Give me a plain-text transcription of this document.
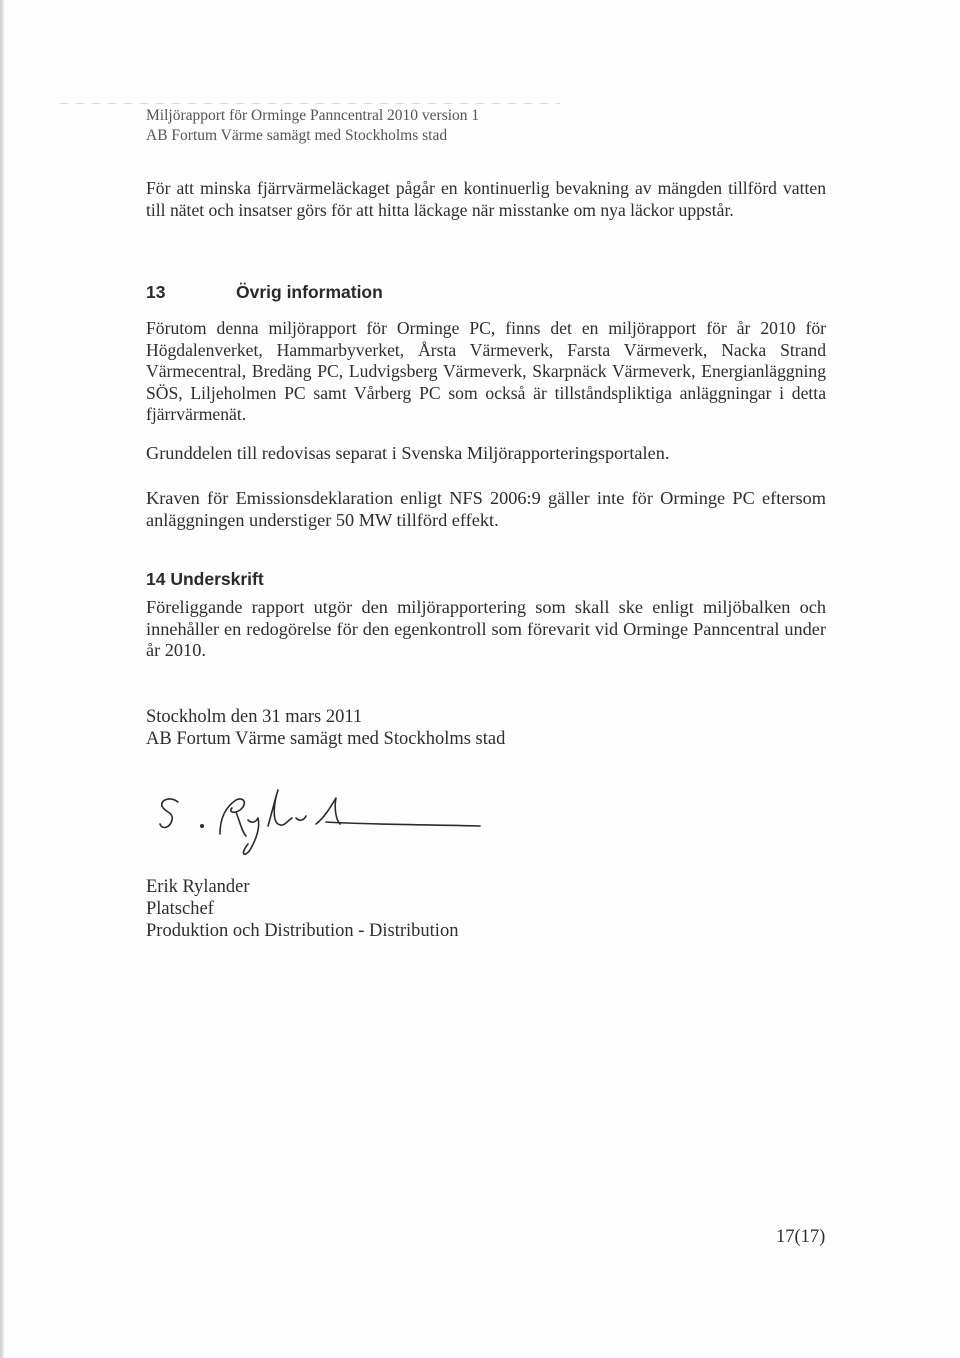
Miljörapport för Orminge Panncentral 2010 version 1
AB Fortum Värme samägt med Stockholms stad
För att minska fjärrvärmeläckaget pågår en kontinuerlig bevakning av mängden tillförd vatten till nätet och insatser görs för att hitta läckage när misstanke om nya läckor uppstår.
13	Övrig information
Förutom denna miljörapport för Orminge PC, finns det en miljörapport för år 2010 för Högdalenverket, Hammarbyverket, Årsta Värmeverk, Farsta Värmeverk, Nacka Strand Värmecentral, Bredäng PC, Ludvigsberg Värmeverk, Skarpnäck Värmeverk, Energianläggning SÖS, Liljeholmen PC samt Vårberg PC som också är tillståndspliktiga anläggningar i detta fjärrvärmenät.
Grunddelen till redovisas separat i Svenska Miljörapporteringsportalen.
Kraven för Emissionsdeklaration enligt NFS 2006:9 gäller inte för Orminge PC eftersom anläggningen understiger 50 MW tillförd effekt.
14 Underskrift
Föreliggande rapport utgör den miljörapportering som skall ske enligt miljöbalken och innehåller en redogörelse för den egenkontroll som förevarit vid Orminge Panncentral under år 2010.
Stockholm den 31 mars 2011
AB Fortum Värme samägt med Stockholms stad
Erik Rylander
Platschef
Produktion och Distribution - Distribution
17(17)
